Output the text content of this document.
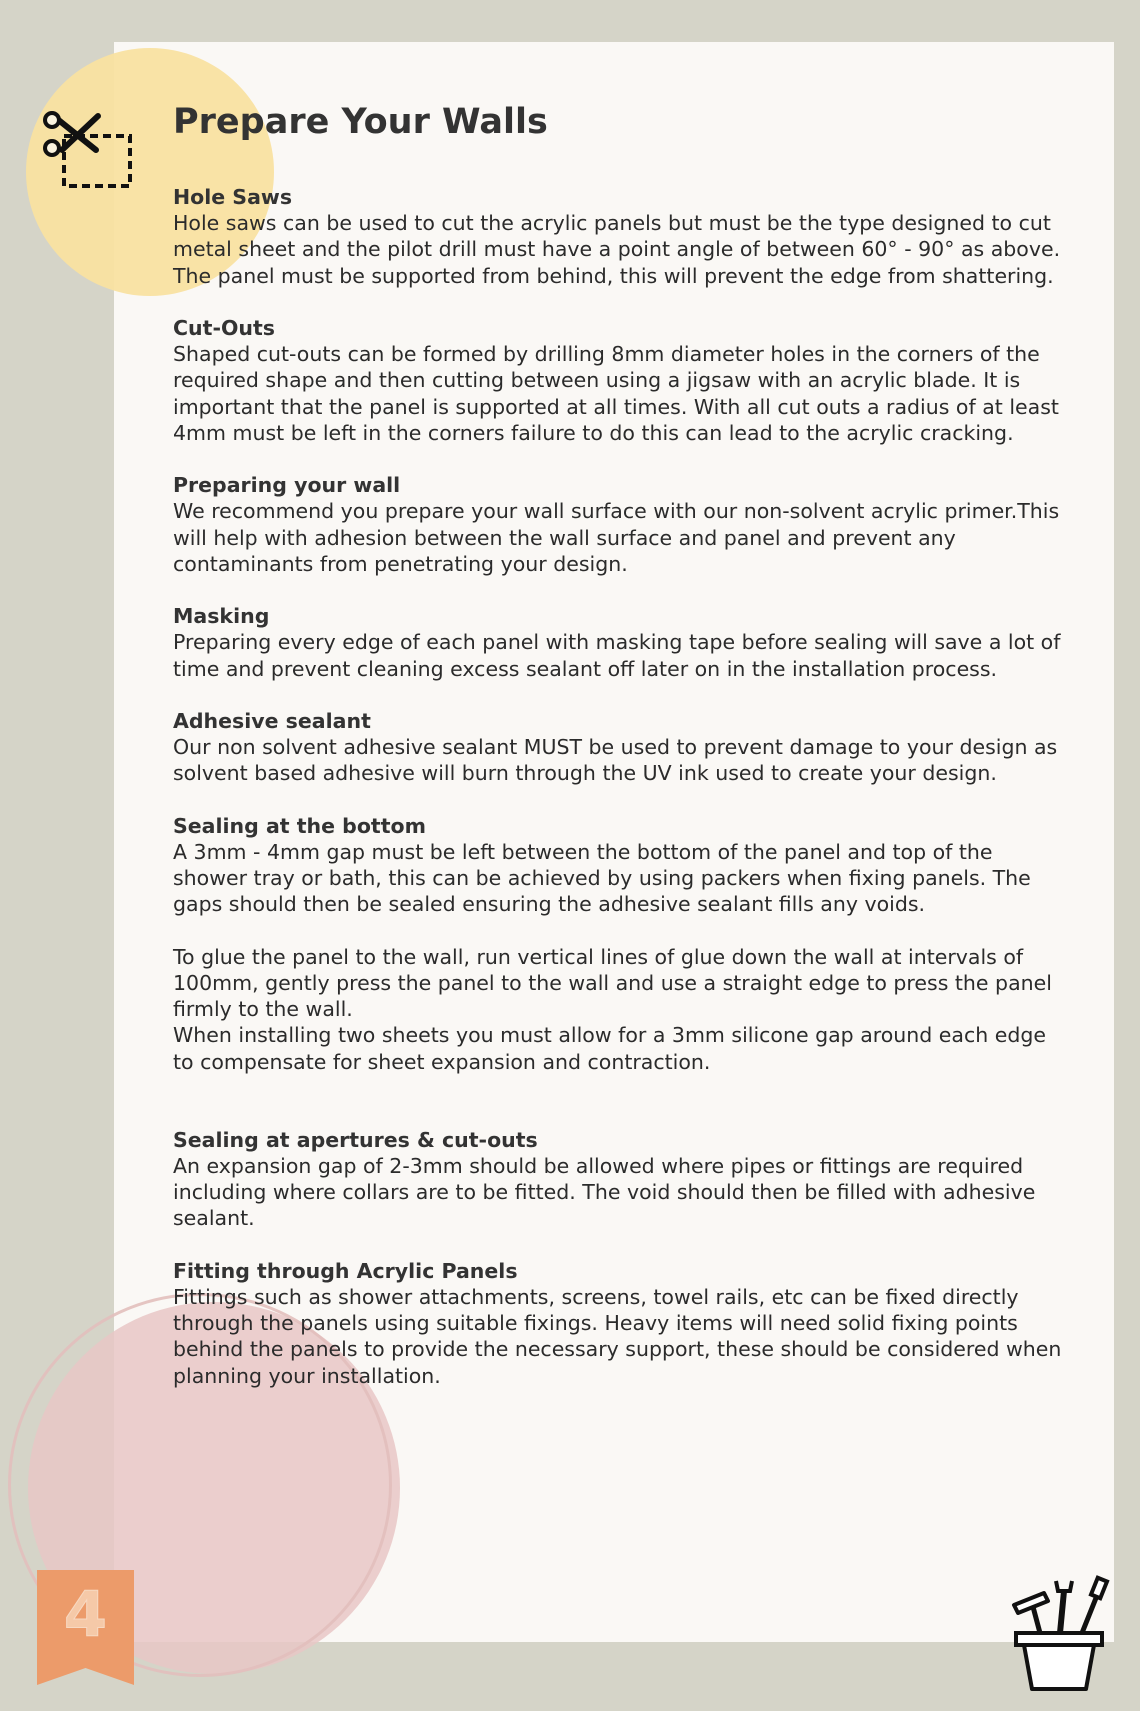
Prepare Your Walls
Hole Saws

Hole saws can be used to cut the acrylic panels but must be the type designed to cut metal sheet and the pilot drill must have a point angle of between 60° - 90° as above.

The panel must be supported from behind, this will prevent the edge from shattering.

Cut-Outs

Shaped cut-outs can be formed by drilling 8mm diameter holes in the corners of the required shape and then cutting between using a jigsaw with an acrylic blade. It is important that the panel is supported at all times. With all cut outs a radius of at least 4mm must be left in the corners failure to do this can lead to the acrylic cracking.

Preparing your wall

We recommend you prepare your wall surface with our non-solvent acrylic primer.This will help with adhesion between the wall surface and panel and prevent any contaminants from penetrating your design.

Masking

Preparing every edge of each panel with masking tape before sealing will save a lot of time and prevent cleaning excess sealant off later on in the installation process.

Adhesive sealant

Our non solvent adhesive sealant MUST be used to prevent damage to your design as solvent based adhesive will burn through the UV ink used to create your design.

Sealing at the bottom

A 3mm - 4mm gap must be left between the bottom of the panel and top of the shower tray or bath, this can be achieved by using packers when fixing panels. The gaps should then be sealed ensuring the adhesive sealant fills any voids.

To glue the panel to the wall, run vertical lines of glue down the wall at intervals of 100mm, gently press the panel to the wall and use a straight edge to press the panel firmly to the wall.

When installing two sheets you must allow for a 3mm silicone gap around each edge to compensate for sheet expansion and contraction.

Sealing at apertures & cut-outs

An expansion gap of 2-3mm should be allowed where pipes or fittings are required including where collars are to be fitted. The void should then be filled with adhesive sealant.

Fitting through Acrylic Panels

Fittings such as shower attachments, screens, towel rails, etc can be fixed directly through the panels using suitable fixings. Heavy items will need solid fixing points behind the panels to provide the necessary support, these should be considered when planning your installation.

4
